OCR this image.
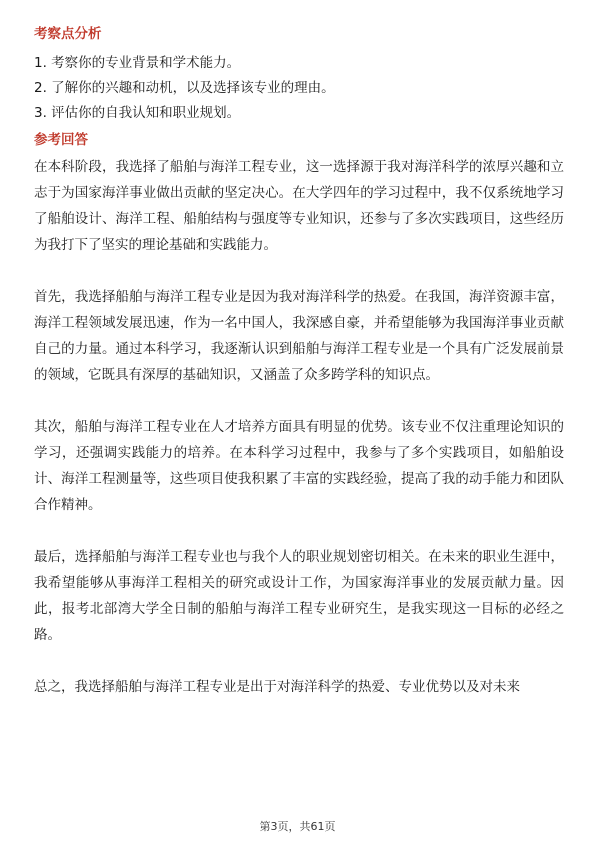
考察点分析
1. 考察你的专业背景和学术能力。
2. 了解你的兴趣和动机，以及选择该专业的理由。
3. 评估你的自我认知和职业规划。
参考回答

在本科阶段，我选择了船舶与海洋工程专业，这一选择源于我对海洋科学的浓厚兴趣和立志于为国家海洋事业做出贡献的坚定决心。在大学四年的学习过程中，我不仅系统地学习了船舶设计、海洋工程、船舶结构与强度等专业知识，还参与了多次实践项目，这些经历为我打下了坚实的理论基础和实践能力。

首先，我选择船舶与海洋工程专业是因为我对海洋科学的热爱。在我国，海洋资源丰富，海洋工程领域发展迅速，作为一名中国人，我深感自豪，并希望能够为我国海洋事业贡献自己的力量。通过本科学习，我逐渐认识到船舶与海洋工程专业是一个具有广泛发展前景的领域，它既具有深厚的基础知识，又涵盖了众多跨学科的知识点。

其次，船舶与海洋工程专业在人才培养方面具有明显的优势。该专业不仅注重理论知识的学习，还强调实践能力的培养。在本科学习过程中，我参与了多个实践项目，如船舶设计、海洋工程测量等，这些项目使我积累了丰富的实践经验，提高了我的动手能力和团队合作精神。

最后，选择船舶与海洋工程专业也与我个人的职业规划密切相关。在未来的职业生涯中，我希望能够从事海洋工程相关的研究或设计工作，为国家海洋事业的发展贡献力量。因此，报考北部湾大学全日制的船舶与海洋工程专业研究生，是我实现这一目标的必经之路。

总之，我选择船舶与海洋工程专业是出于对海洋科学的热爱、专业优势以及对未来

第3页，共61页
